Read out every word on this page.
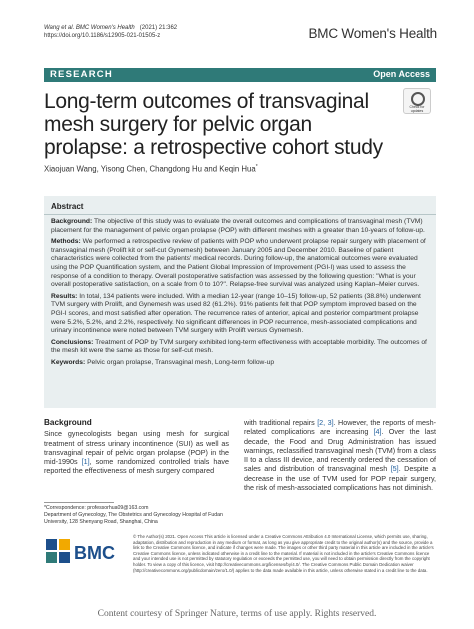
Wang et al. BMC Women's Health (2021) 21:362
https://doi.org/10.1186/s12905-021-01505-z	BMC Women's Health
RESEARCH	Open Access
Long-term outcomes of transvaginal mesh surgery for pelvic organ prolapse: a retrospective cohort study
Check for updates
Xiaojuan Wang, Yisong Chen, Changdong Hu and Keqin Hua*
Abstract

Background: The objective of this study was to evaluate the overall outcomes and complications of transvaginal mesh (TVM) placement for the management of pelvic organ prolapse (POP) with different meshes with a greater than 10-years of follow-up.

Methods: We performed a retrospective review of patients with POP who underwent prolapse repair surgery with placement of transvaginal mesh (Prolift kit or self-cut Gynemesh) between January 2005 and December 2010. Baseline of patient characteristics were collected from the patients' medical records. During follow-up, the anatomical outcomes were evaluated using the POP Quantification system, and the Patient Global Impression of Improvement (PGI-I) was used to assess the response of a condition to therapy. Overall postoperative satisfaction was assessed by the following question: "What is your overall postoperative satisfaction, on a scale from 0 to 10?". Relapse-free survival was analyzed using Kaplan–Meier curves.

Results: In total, 134 patients were included. With a median 12-year (range 10–15) follow-up, 52 patients (38.8%) underwent TVM surgery with Prolift, and Gynemesh was used 82 (61.2%). 91% patients felt that POP symptom improved based on the PGI-I scores, and most satisfied after operation. The recurrence rates of anterior, apical and posterior compartment prolapse were 5.2%, 5.2%, and 2.2%, respectively. No significant differences in POP recurrence, mesh-associated complications and urinary incontinence were noted between TVM surgery with Prolift versus Gynemesh.

Conclusions: Treatment of POP by TVM surgery exhibited long-term effectiveness with acceptable morbidity. The outcomes of the mesh kit were the same as those for self-cut mesh.

Keywords: Pelvic organ prolapse, Transvaginal mesh, Long-term follow-up

Background
Since gynecologists began using mesh for surgical treatment of stress urinary incontinence (SUI) as well as transvaginal repair of pelvic organ prolapse (POP) in the mid-1990s [1], some randomized controlled trials have reported the effectiveness of mesh surgery compared
with traditional repairs [2, 3]. However, the reports of mesh-related complications are increasing [4]. Over the last decade, the Food and Drug Administration has issued warnings, reclassified transvaginal mesh (TVM) from a class II to a class III device, and recently ordered the cessation of sales and distribution of transvaginal mesh [5]. Despite a decrease in the use of TVM used for POP repair surgery, the risk of mesh-associated complications has not diminish.
*Correspondence: professorhua09@163.com
Department of Gynecology, The Obstetrics and Gynecology Hospital of Fudan University, 128 Shenyang Road, Shanghai, China
BMC
© The Author(s) 2021. Open Access This article is licensed under a Creative Commons Attribution 4.0 International License, which permits use, sharing, adaptation, distribution and reproduction in any medium or format, as long as you give appropriate credit to the original author(s) and the source, provide a link to the Creative Commons licence, and indicate if changes were made. The images or other third party material in this article are included in the article's Creative Commons licence, unless indicated otherwise in a credit line to the material. If material is not included in the article's Creative Commons licence and your intended use is not permitted by statutory regulation or exceeds the permitted use, you will need to obtain permission directly from the copyright holder. To view a copy of this licence, visit http://creativecommons.org/licenses/by/4.0/. The Creative Commons Public Domain Dedication waiver (http://creativecommons.org/publicdomain/zero/1.0/) applies to the data made available in this article, unless otherwise stated in a credit line to the data.
Content courtesy of Springer Nature, terms of use apply. Rights reserved.
